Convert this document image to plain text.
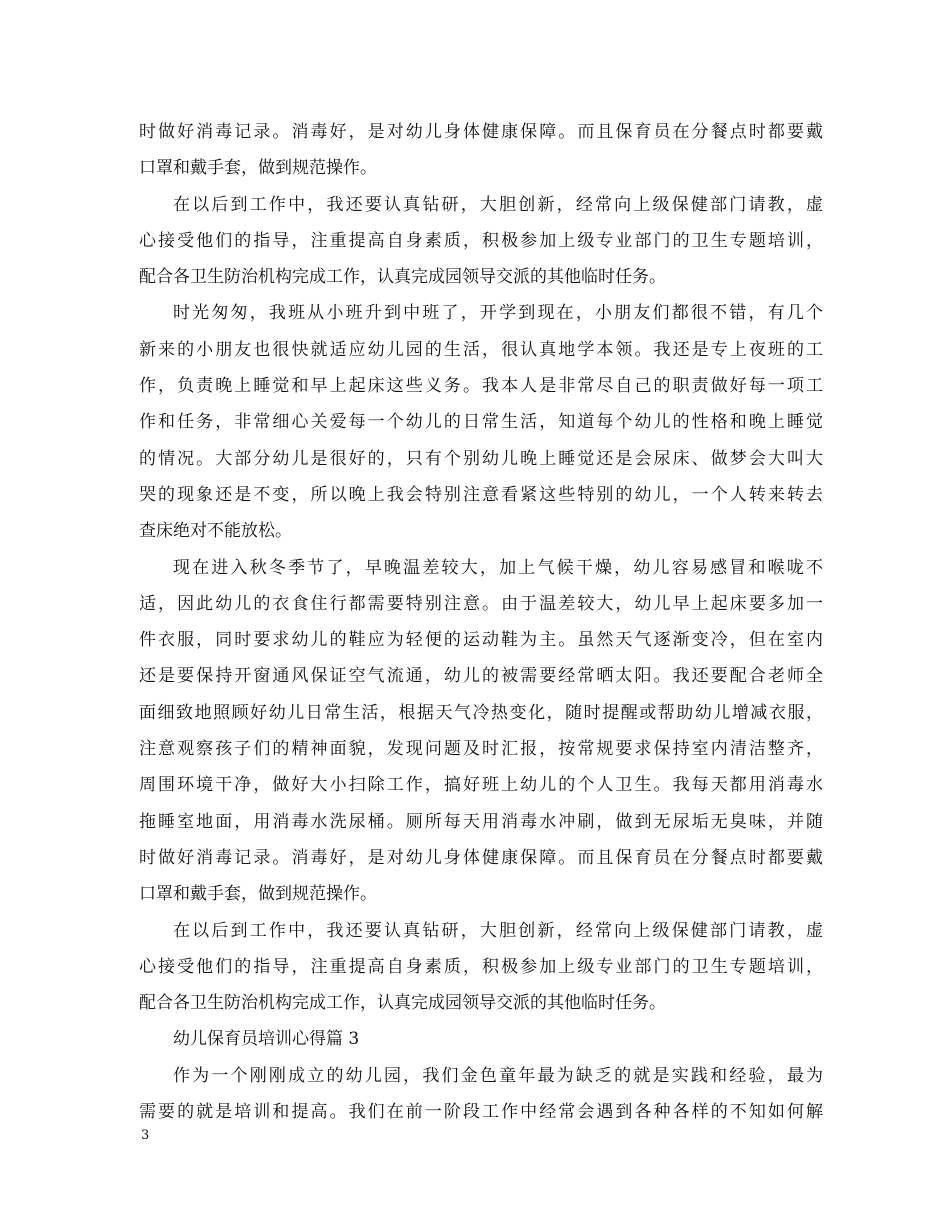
时做好消毒记录。消毒好，是对幼儿身体健康保障。而且保育员在分餐点时都要戴
口罩和戴手套，做到规范操作。
在以后到工作中，我还要认真钻研，大胆创新，经常向上级保健部门请教，虚
心接受他们的指导，注重提高自身素质，积极参加上级专业部门的卫生专题培训，
配合各卫生防治机构完成工作，认真完成园领导交派的其他临时任务。
时光匆匆，我班从小班升到中班了，开学到现在，小朋友们都很不错，有几个
新来的小朋友也很快就适应幼儿园的生活，很认真地学本领。我还是专上夜班的工
作，负责晚上睡觉和早上起床这些义务。我本人是非常尽自己的职责做好每一项工
作和任务，非常细心关爱每一个幼儿的日常生活，知道每个幼儿的性格和晚上睡觉
的情况。大部分幼儿是很好的，只有个别幼儿晚上睡觉还是会尿床、做梦会大叫大
哭的现象还是不变，所以晚上我会特别注意看紧这些特别的幼儿，一个人转来转去
查床绝对不能放松。
现在进入秋冬季节了，早晚温差较大，加上气候干燥，幼儿容易感冒和喉咙不
适，因此幼儿的衣食住行都需要特别注意。由于温差较大，幼儿早上起床要多加一
件衣服，同时要求幼儿的鞋应为轻便的运动鞋为主。虽然天气逐渐变冷，但在室内
还是要保持开窗通风保证空气流通，幼儿的被需要经常晒太阳。我还要配合老师全
面细致地照顾好幼儿日常生活，根据天气冷热变化，随时提醒或帮助幼儿增减衣服，
注意观察孩子们的精神面貌，发现问题及时汇报，按常规要求保持室内清洁整齐，
周围环境干净，做好大小扫除工作，搞好班上幼儿的个人卫生。我每天都用消毒水
拖睡室地面，用消毒水洗尿桶。厕所每天用消毒水冲刷，做到无尿垢无臭味，并随
时做好消毒记录。消毒好，是对幼儿身体健康保障。而且保育员在分餐点时都要戴
口罩和戴手套，做到规范操作。
在以后到工作中，我还要认真钻研，大胆创新，经常向上级保健部门请教，虚
心接受他们的指导，注重提高自身素质，积极参加上级专业部门的卫生专题培训，
配合各卫生防治机构完成工作，认真完成园领导交派的其他临时任务。
幼儿保育员培训心得篇 3
作为一个刚刚成立的幼儿园，我们金色童年最为缺乏的就是实践和经验，最为
需要的就是培训和提高。我们在前一阶段工作中经常会遇到各种各样的不知如何解
3
